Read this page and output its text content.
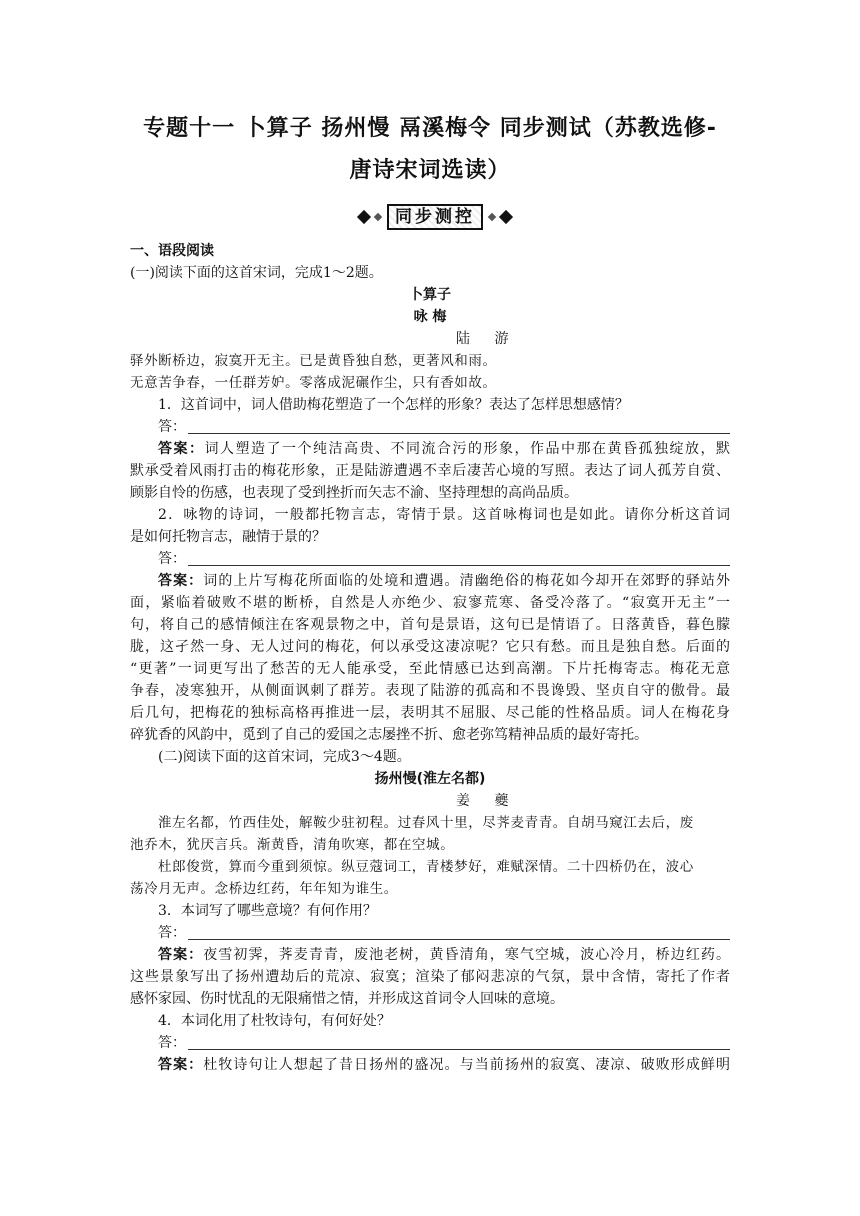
专题十一 卜算子 扬州慢 鬲溪梅令 同步测试（苏教选修-
唐诗宋词选读）
同步测控
一、语段阅读
(一)阅读下面的这首宋词，完成1～2题。
卜算子
咏 梅
陆 游
驿外断桥边，寂寞开无主。已是黄昏独自愁，更著风和雨。
无意苦争春，一任群芳妒。零落成泥碾作尘，只有香如故。
1．这首词中，词人借助梅花塑造了一个怎样的形象？表达了怎样思想感情？
答：
答案：词人塑造了一个纯洁高贵、不同流合污的形象，作品中那在黄昏孤独绽放，默
默承受着风雨打击的梅花形象，正是陆游遭遇不幸后凄苦心境的写照。表达了词人孤芳自赏、
顾影自怜的伤感，也表现了受到挫折而矢志不渝、坚持理想的高尚品质。
2．咏物的诗词，一般都托物言志，寄情于景。这首咏梅词也是如此。请你分析这首词
是如何托物言志，融情于景的？
答：
答案：词的上片写梅花所面临的处境和遭遇。清幽绝俗的梅花如今却开在郊野的驿站外
面，紧临着破败不堪的断桥，自然是人亦绝少、寂寥荒寒、备受冷落了。“寂寞开无主”一
句，将自己的感情倾注在客观景物之中，首句是景语，这句已是情语了。日落黄昏，暮色朦
胧，这孑然一身、无人过问的梅花，何以承受这凄凉呢？它只有愁。而且是独自愁。后面的
“更著”一词更写出了愁苦的无人能承受，至此情感已达到高潮。下片托梅寄志。梅花无意
争春，凌寒独开，从侧面讽刺了群芳。表现了陆游的孤高和不畏谗毁、坚贞自守的傲骨。最
后几句，把梅花的独标高格再推进一层，表明其不屈服、尽己能的性格品质。词人在梅花身
碎犹香的风韵中，觅到了自己的爱国之志屡挫不折、愈老弥笃精神品质的最好寄托。
(二)阅读下面的这首宋词，完成3～4题。
扬州慢(淮左名都)
姜 夔
淮左名都，竹西佳处，解鞍少驻初程。过春风十里，尽荠麦青青。自胡马窥江去后，废
池乔木，犹厌言兵。渐黄昏，清角吹寒，都在空城。
杜郎俊赏，算而今重到须惊。纵豆蔻词工，青楼梦好，难赋深情。二十四桥仍在，波心
荡冷月无声。念桥边红药，年年知为谁生。
3．本词写了哪些意境？有何作用？
答：
答案：夜雪初霁，荠麦青青，废池老树，黄昏清角，寒气空城，波心冷月，桥边红药。
这些景象写出了扬州遭劫后的荒凉、寂寞；渲染了郁闷悲凉的气氛，景中含情，寄托了作者
感怀家园、伤时忧乱的无限痛惜之情，并形成这首词令人回味的意境。
4．本词化用了杜牧诗句，有何好处？
答：
答案：杜牧诗句让人想起了昔日扬州的盛况。与当前扬州的寂寞、凄凉、破败形成鲜明
